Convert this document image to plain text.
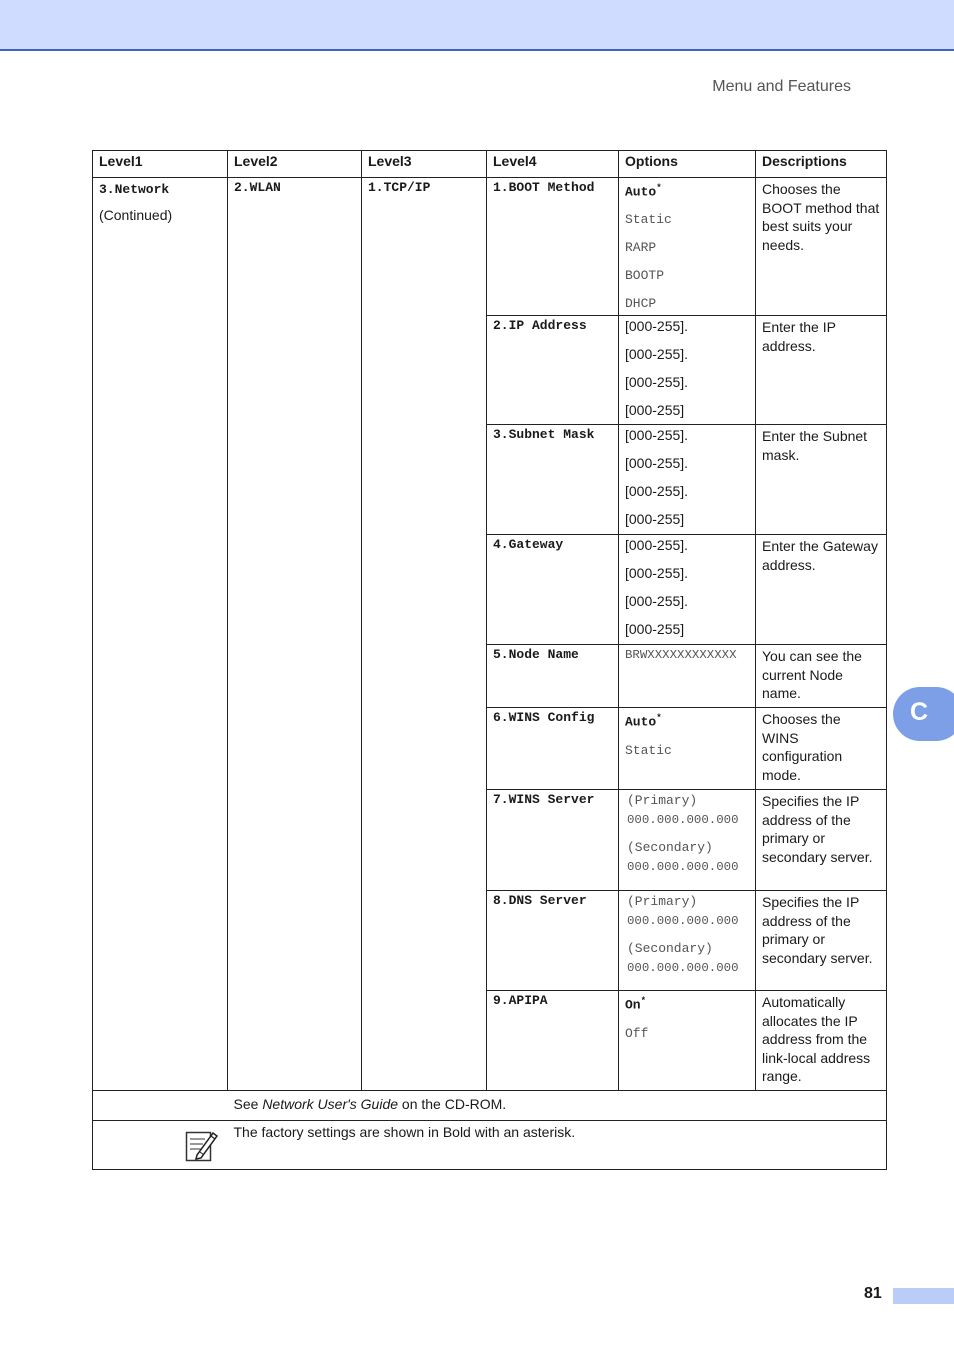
Menu and Features
Level1	Level2	Level3	Level4	Options	Descriptions
3.Network
(Continued)	2.WLAN	1.TCP/IP	1.BOOT Method	Auto*
Static
RARP
BOOTP
DHCP	Chooses the BOOT method that best suits your needs.

			2.IP Address	[000-255].
[000-255].
[000-255].
[000-255]	Enter the IP address.

			3.Subnet Mask	[000-255].
[000-255].
[000-255].
[000-255]	Enter the Subnet mask.

			4.Gateway	[000-255].
[000-255].
[000-255].
[000-255]	Enter the Gateway address.

			5.Node Name	BRWXXXXXXXXXXXX	You can see the current Node name.

			6.WINS Config	Auto*
Static	Chooses the WINS configuration mode.

			7.WINS Server	(Primary)
000.000.000.000
(Secondary)
000.000.000.000	Specifies the IP address of the primary or secondary server.

			8.DNS Server	(Primary)
000.000.000.000
(Secondary)
000.000.000.000	Specifies the IP address of the primary or secondary server.

			9.APIPA	On*
Off	Automatically allocates the IP address from the link-local address range.

	See Network User's Guide on the CD-ROM.				
	The factory settings are shown in Bold with an asterisk.				
C
81
